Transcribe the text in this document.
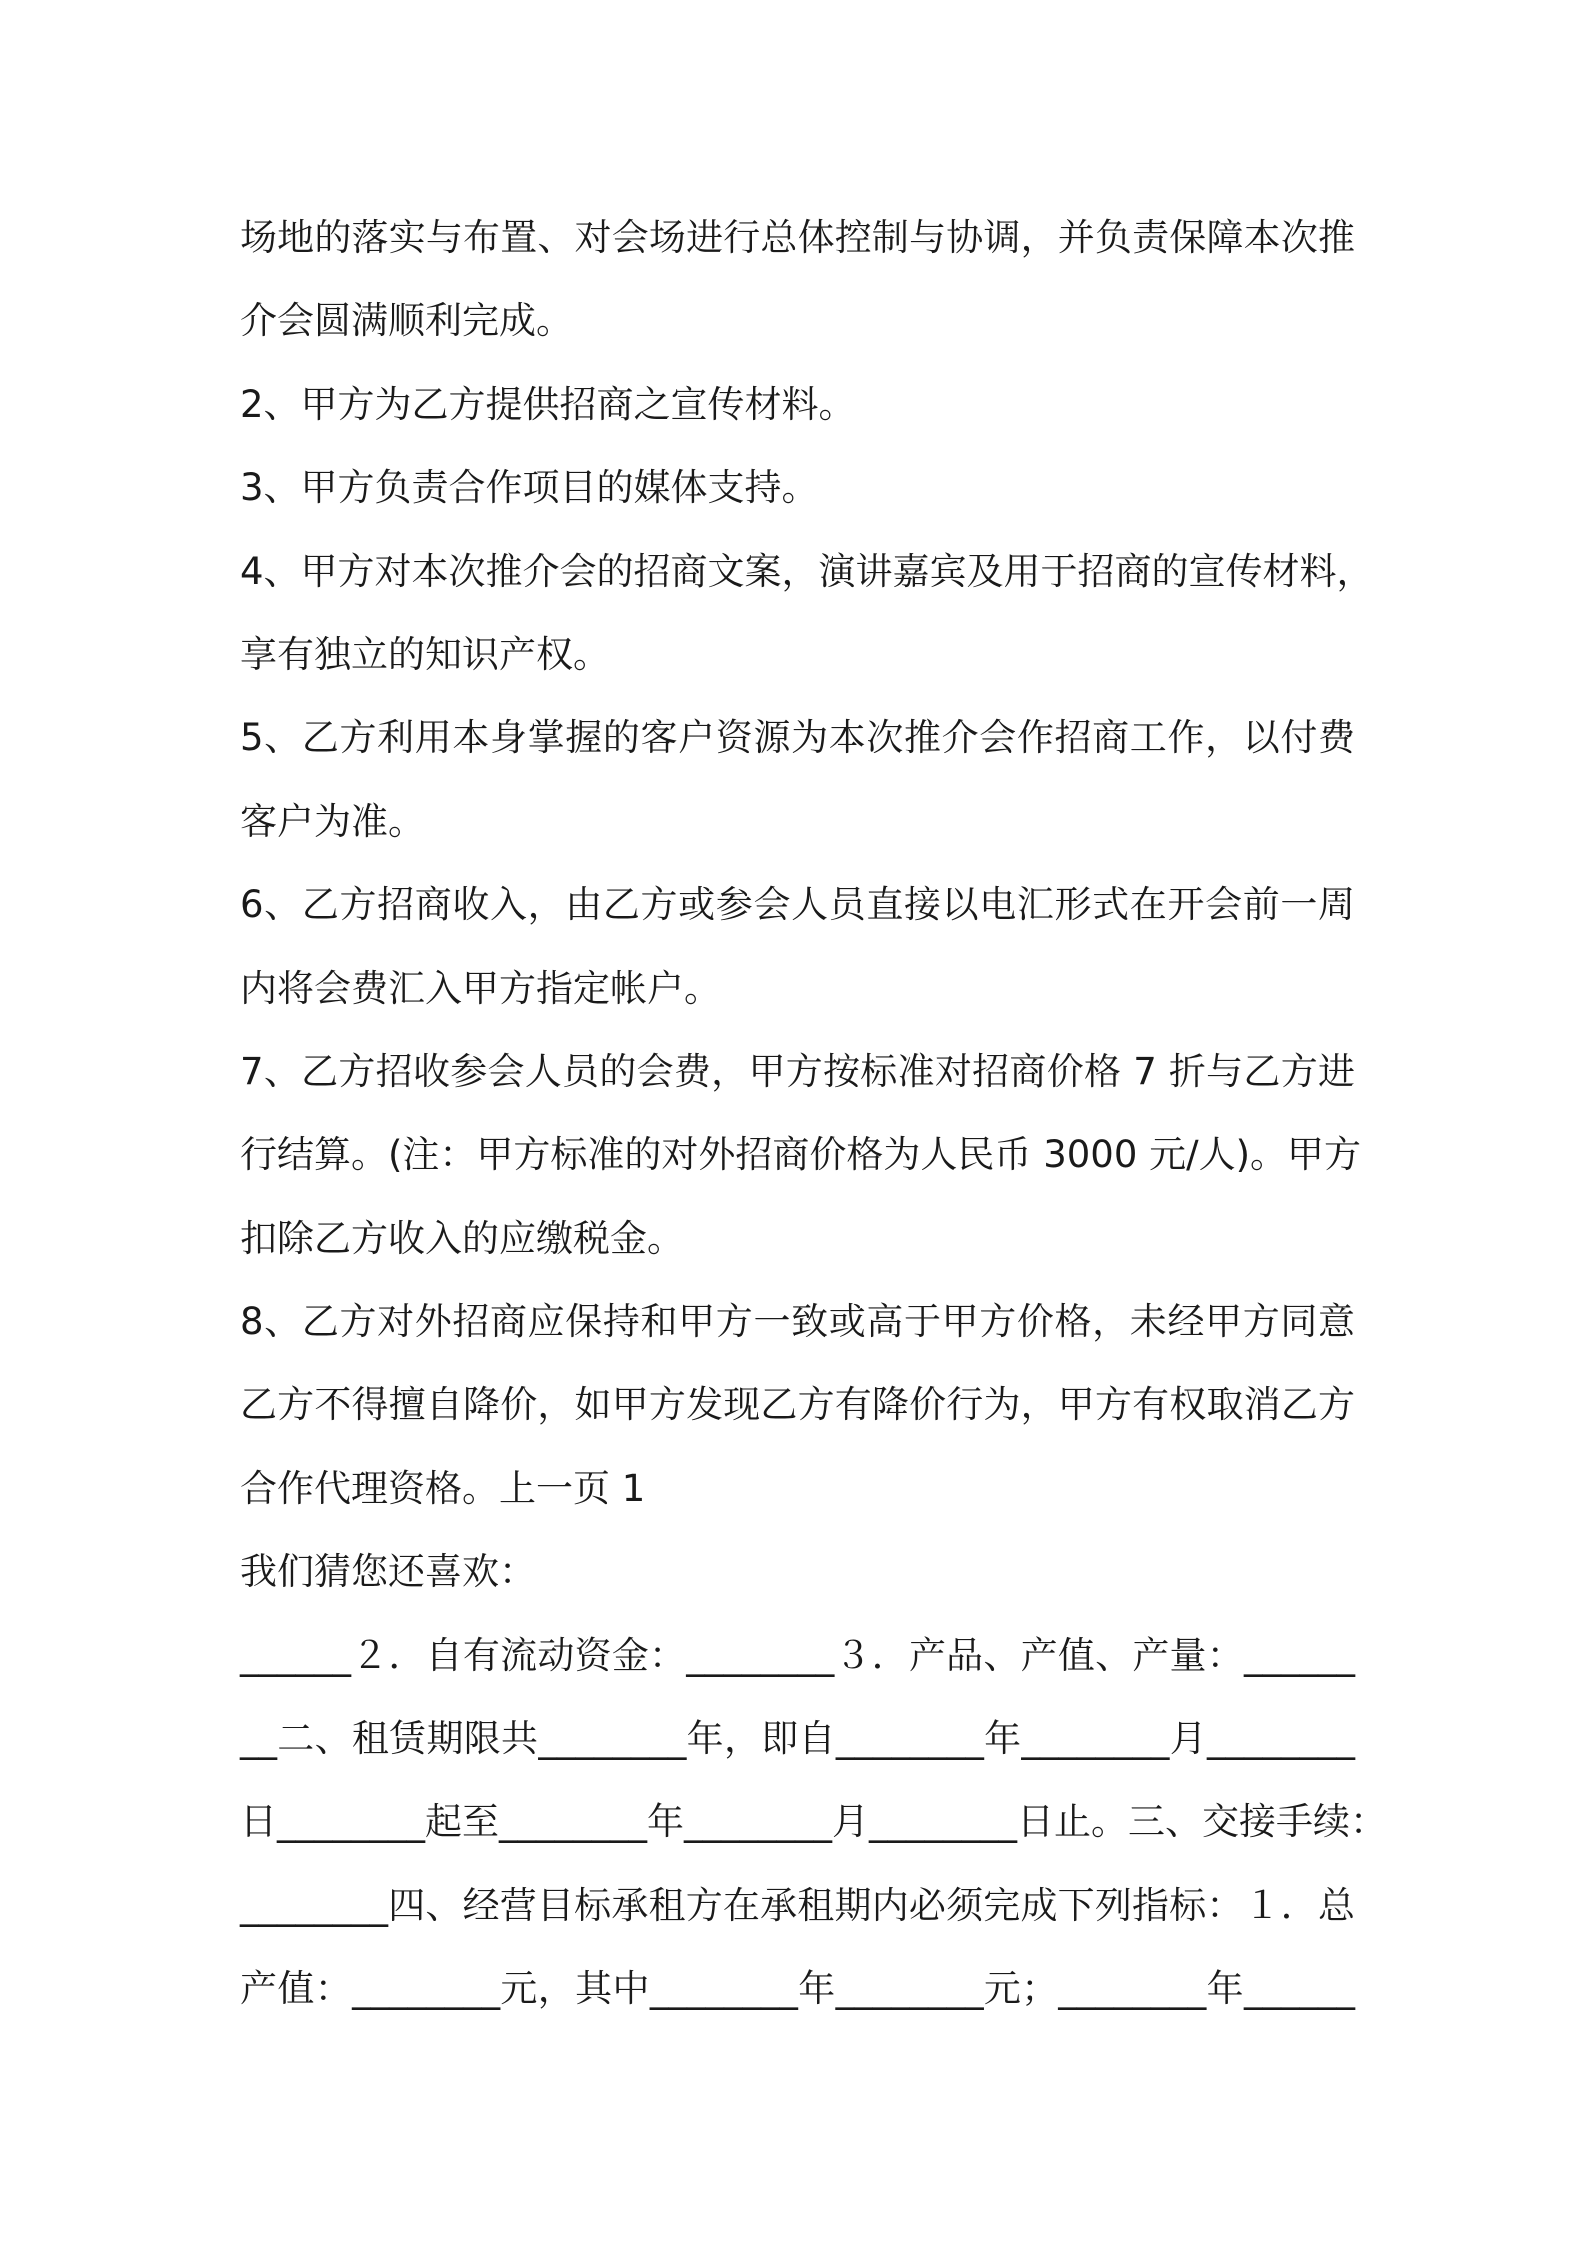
场地的落实与布置、对会场进行总体控制与协调，并负责保障本次推
介会圆满顺利完成。
2、甲方为乙方提供招商之宣传材料。
3、甲方负责合作项目的媒体支持。
4、甲方对本次推介会的招商文案，演讲嘉宾及用于招商的宣传材料，
享有独立的知识产权。
5、乙方利用本身掌握的客户资源为本次推介会作招商工作，以付费
客户为准。
6、乙方招商收入，由乙方或参会人员直接以电汇形式在开会前一周
内将会费汇入甲方指定帐户。
7、乙方招收参会人员的会费，甲方按标准对招商价格 7 折与乙方进
行结算。(注：甲方标准的对外招商价格为人民币 3000 元/人)。甲方
扣除乙方收入的应缴税金。
8、乙方对外招商应保持和甲方一致或高于甲方价格，未经甲方同意
乙方不得擅自降价，如甲方发现乙方有降价行为，甲方有权取消乙方
合作代理资格。上一页 1
我们猜您还喜欢：
______２．自有流动资金：________３．产品、产值、产量：______
__二、租赁期限共________年，即自________年________月________
日________起至________年________月________日止。三、交接手续：
________四、经营目标承租方在承租期内必须完成下列指标：１．总
产值：________元，其中________年________元；________年______
